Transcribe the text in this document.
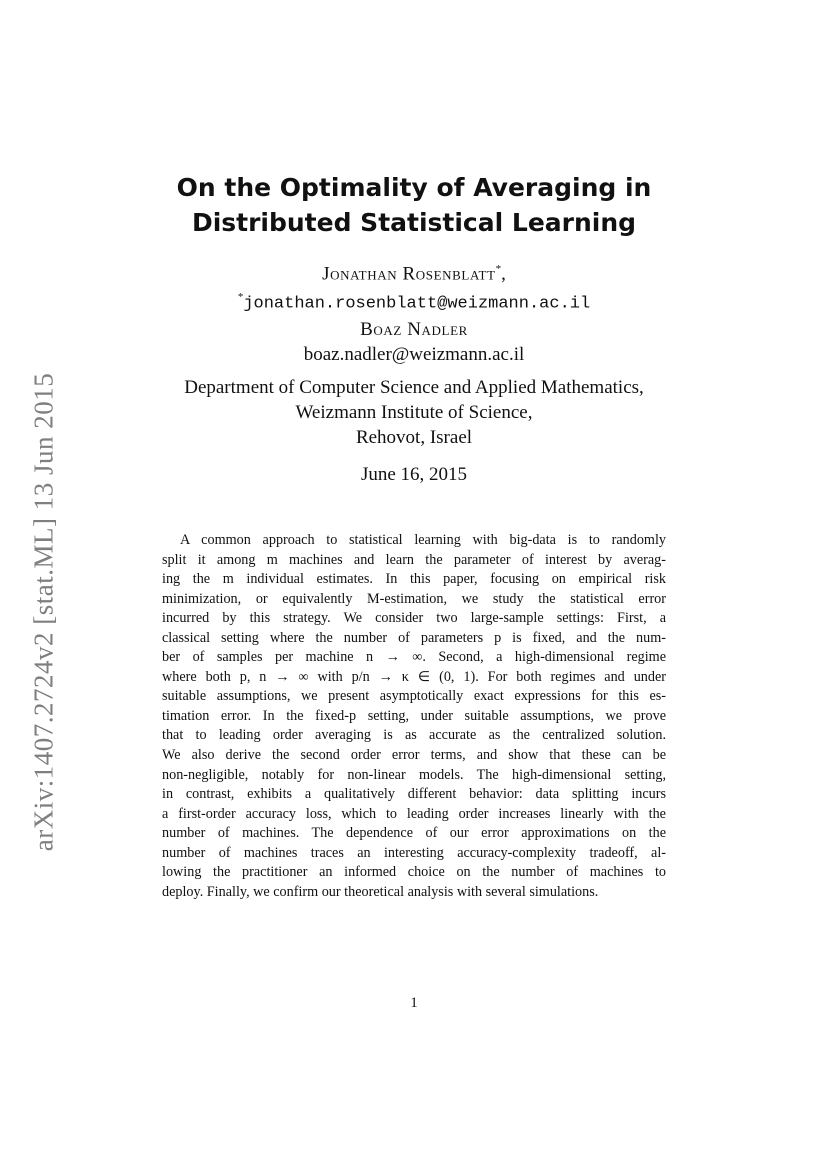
arXiv:1407.2724v2 [stat.ML] 13 Jun 2015
On the Optimality of Averaging in
Distributed Statistical Learning
Jonathan Rosenblatt*,
*jonathan.rosenblatt@weizmann.ac.il
Boaz Nadler
boaz.nadler@weizmann.ac.il
Department of Computer Science and Applied Mathematics,
Weizmann Institute of Science,
Rehovot, Israel
June 16, 2015
A common approach to statistical learning with big-data is to randomly
split it among m machines and learn the parameter of interest by averag-
ing the m individual estimates. In this paper, focusing on empirical risk
minimization, or equivalently M-estimation, we study the statistical error
incurred by this strategy. We consider two large-sample settings: First, a
classical setting where the number of parameters p is fixed, and the num-
ber of samples per machine n → ∞. Second, a high-dimensional regime
where both p, n → ∞ with p/n → κ ∈ (0, 1). For both regimes and under
suitable assumptions, we present asymptotically exact expressions for this es-
timation error. In the fixed-p setting, under suitable assumptions, we prove
that to leading order averaging is as accurate as the centralized solution.
We also derive the second order error terms, and show that these can be
non-negligible, notably for non-linear models. The high-dimensional setting,
in contrast, exhibits a qualitatively different behavior: data splitting incurs
a first-order accuracy loss, which to leading order increases linearly with the
number of machines. The dependence of our error approximations on the
number of machines traces an interesting accuracy-complexity tradeoff, al-
lowing the practitioner an informed choice on the number of machines to
deploy. Finally, we confirm our theoretical analysis with several simulations.
1
